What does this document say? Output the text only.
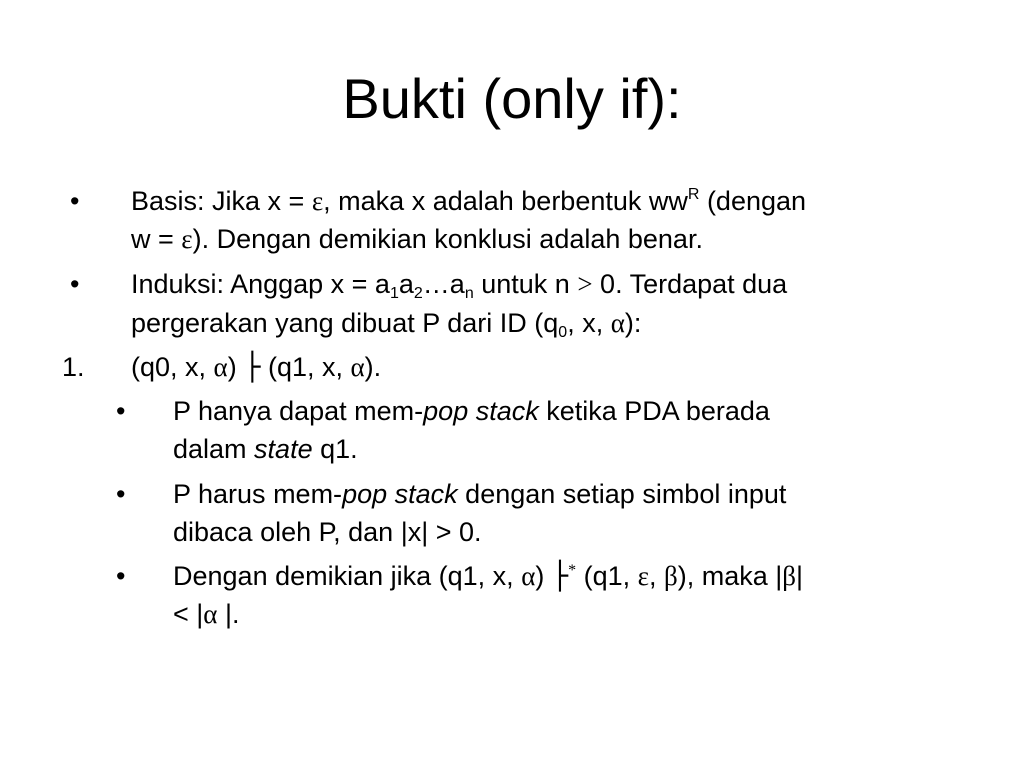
Bukti (only if):
• Basis: Jika x = ε, maka x adalah berbentuk $ww^R$ (dengan
w = ε). Dengan demikian konklusi adalah benar.
• Induksi: Anggap $x = a_1a_2\dots a_n$ untuk n > 0. Terdapat dua
pergerakan yang dibuat P dari ID ($q_0$, x, α):
1. (q0, x, α) ├ (q1, x, α).
• P hanya dapat mem-pop stack ketika PDA berada
dalam state q1.
• P harus mem-pop stack dengan setiap simbol input
dibaca oleh P, dan |x| > 0.
• Dengan demikian jika (q1, x, α) ├* (q1, ε, β), maka |β|
< |α |.
